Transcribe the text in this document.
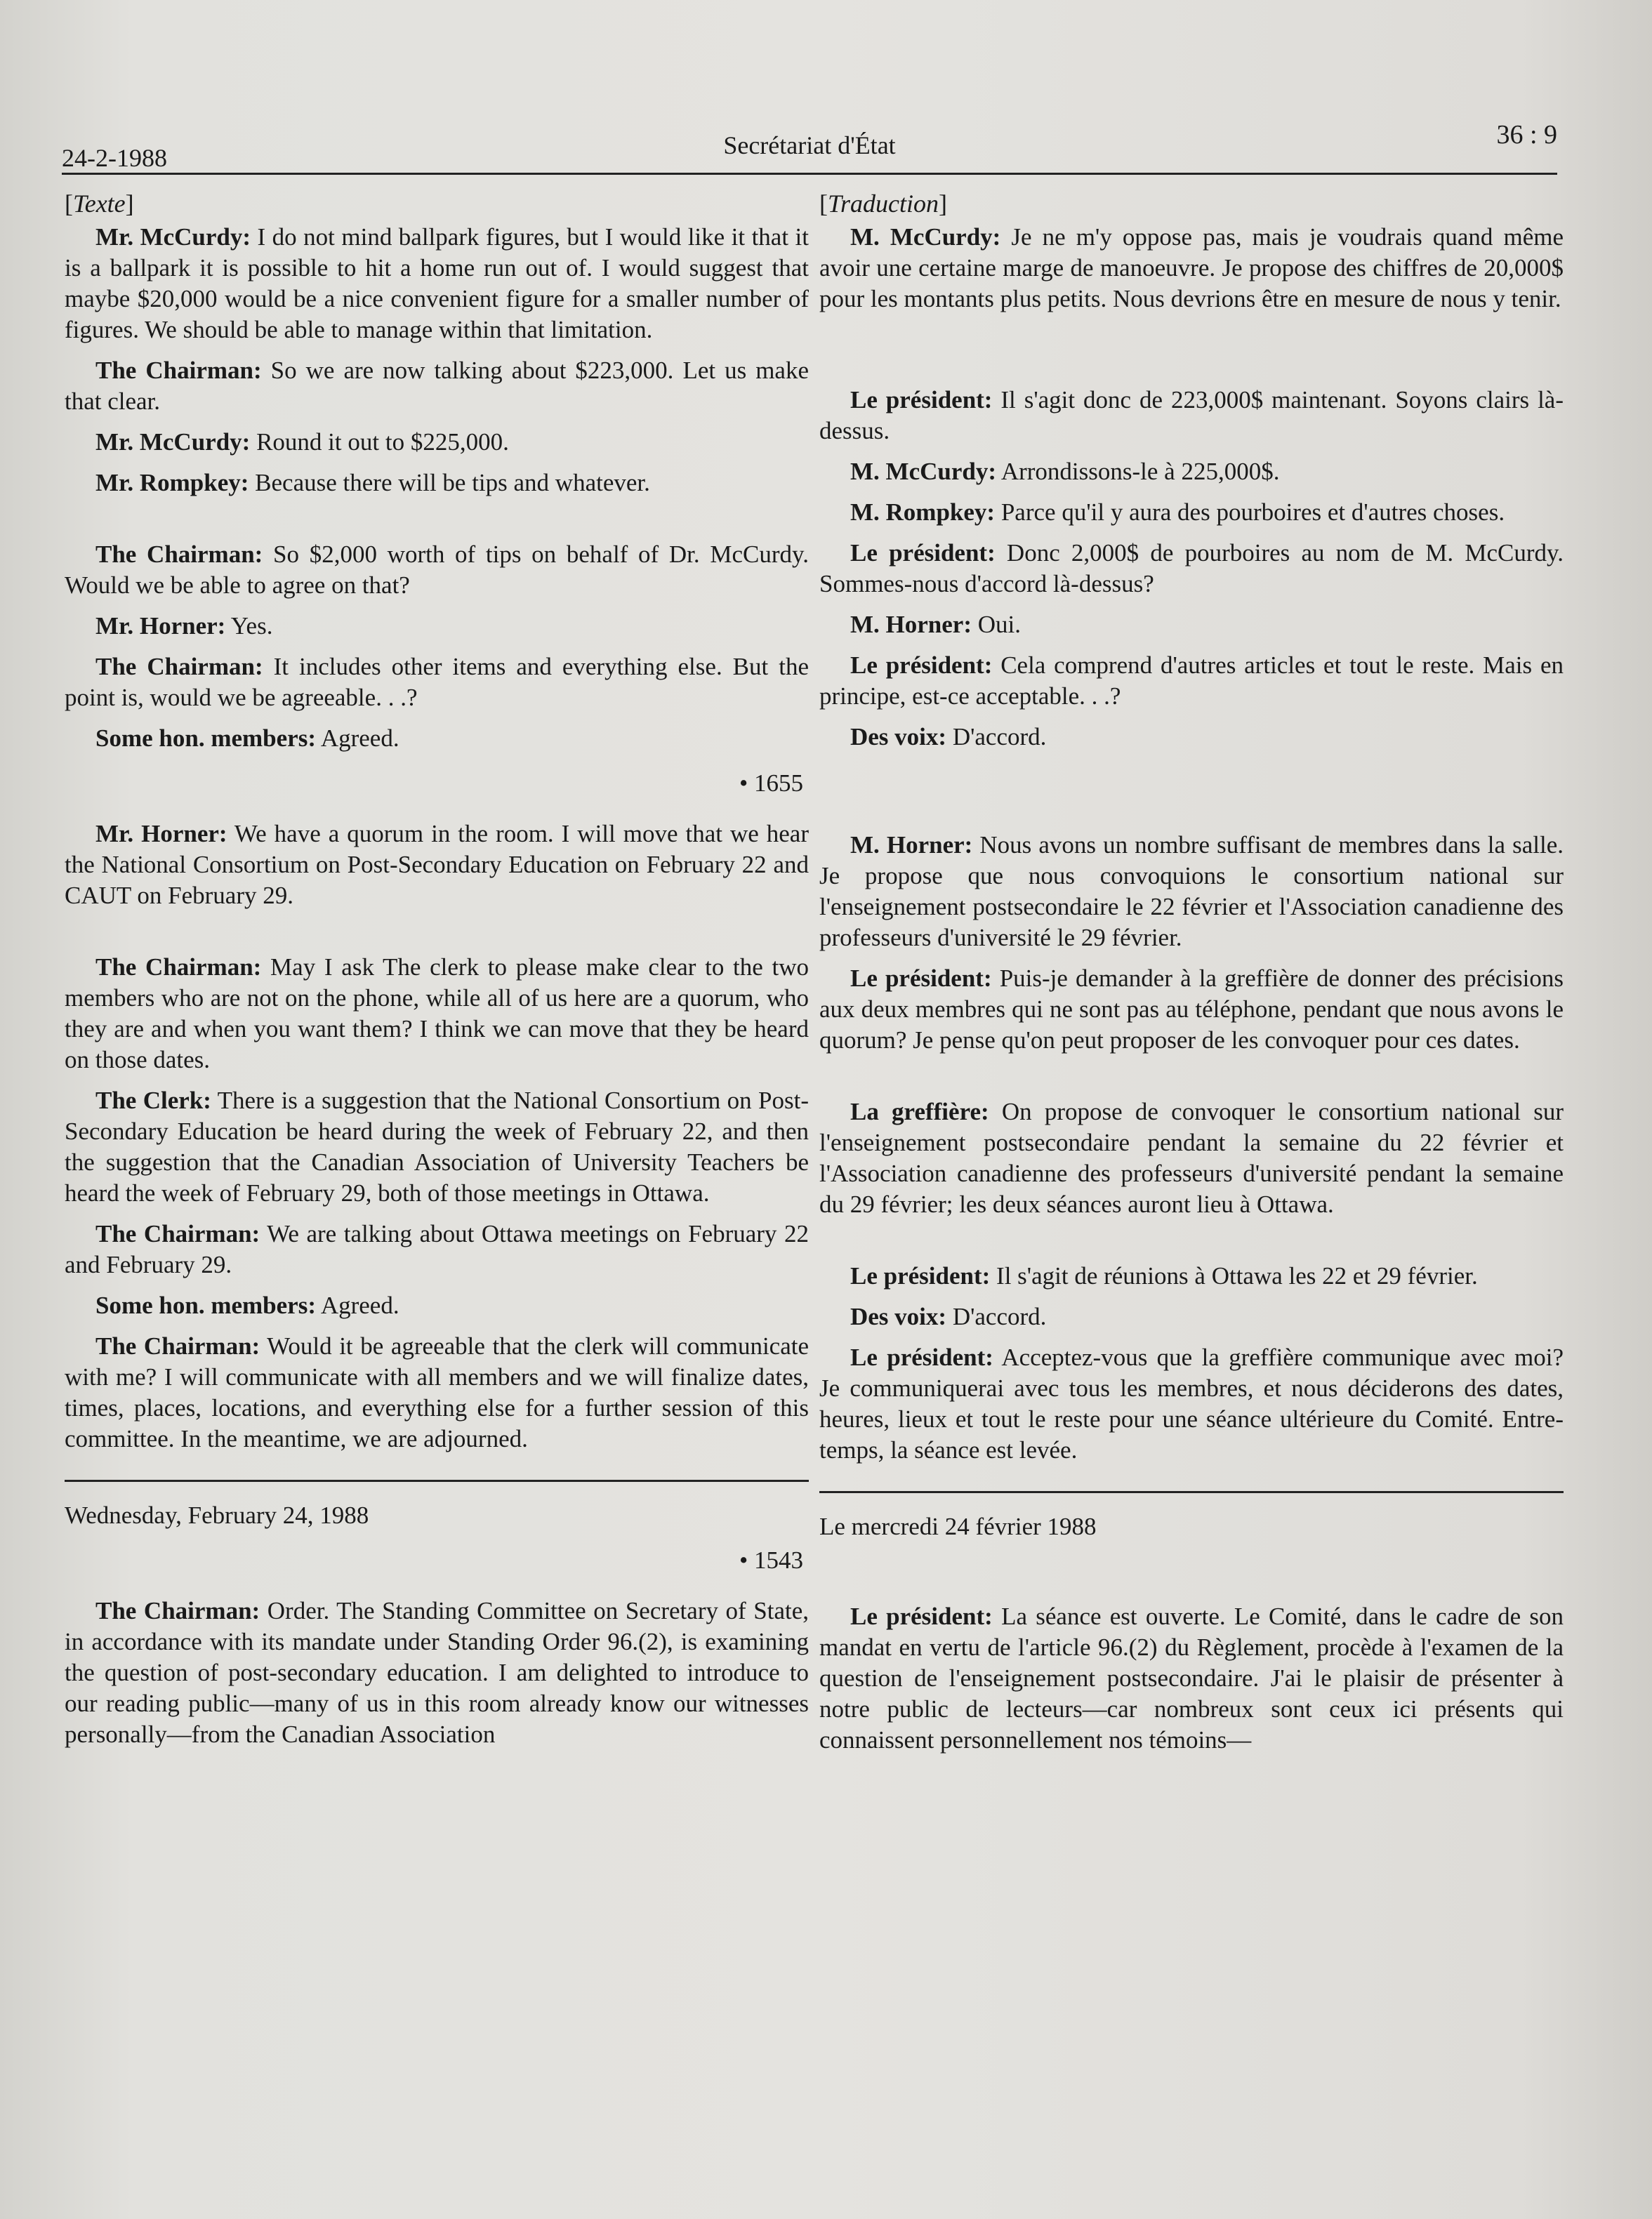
24-2-1988	Secrétariat d'État	36 : 9
[Texte]

Mr. McCurdy: I do not mind ballpark figures, but I would like it that it is a ballpark it is possible to hit a home run out of. I would suggest that maybe $20,000 would be a nice convenient figure for a smaller number of figures. We should be able to manage within that limitation.

The Chairman: So we are now talking about $223,000. Let us make that clear.

Mr. McCurdy: Round it out to $225,000.

Mr. Rompkey: Because there will be tips and whatever.

The Chairman: So $2,000 worth of tips on behalf of Dr. McCurdy. Would we be able to agree on that?

Mr. Horner: Yes.

The Chairman: It includes other items and everything else. But the point is, would we be agreeable. . .?

Some hon. members: Agreed.

• 1655

Mr. Horner: We have a quorum in the room. I will move that we hear the National Consortium on Post-Secondary Education on February 22 and CAUT on February 29.

The Chairman: May I ask The clerk to please make clear to the two members who are not on the phone, while all of us here are a quorum, who they are and when you want them? I think we can move that they be heard on those dates.

The Clerk: There is a suggestion that the National Consortium on Post-Secondary Education be heard during the week of February 22, and then the suggestion that the Canadian Association of University Teachers be heard the week of February 29, both of those meetings in Ottawa.

The Chairman: We are talking about Ottawa meetings on February 22 and February 29.

Some hon. members: Agreed.

The Chairman: Would it be agreeable that the clerk will communicate with me? I will communicate with all members and we will finalize dates, times, places, locations, and everything else for a further session of this committee. In the meantime, we are adjourned.

Wednesday, February 24, 1988

• 1543

The Chairman: Order. The Standing Committee on Secretary of State, in accordance with its mandate under Standing Order 96.(2), is examining the question of post-secondary education. I am delighted to introduce to our reading public—many of us in this room already know our witnesses personally—from the Canadian Association

[Traduction]

M. McCurdy: Je ne m'y oppose pas, mais je voudrais quand même avoir une certaine marge de manoeuvre. Je propose des chiffres de 20,000$ pour les montants plus petits. Nous devrions être en mesure de nous y tenir.

Le président: Il s'agit donc de 223,000$ maintenant. Soyons clairs là-dessus.

M. McCurdy: Arrondissons-le à 225,000$.

M. Rompkey: Parce qu'il y aura des pourboires et d'autres choses.

Le président: Donc 2,000$ de pourboires au nom de M. McCurdy. Sommes-nous d'accord là-dessus?

M. Horner: Oui.

Le président: Cela comprend d'autres articles et tout le reste. Mais en principe, est-ce acceptable. . .?

Des voix: D'accord.

M. Horner: Nous avons un nombre suffisant de membres dans la salle. Je propose que nous convoquions le consortium national sur l'enseignement postsecondaire le 22 février et l'Association canadienne des professeurs d'université le 29 février.

Le président: Puis-je demander à la greffière de donner des précisions aux deux membres qui ne sont pas au téléphone, pendant que nous avons le quorum? Je pense qu'on peut proposer de les convoquer pour ces dates.

La greffière: On propose de convoquer le consortium national sur l'enseignement postsecondaire pendant la semaine du 22 février et l'Association canadienne des professeurs d'université pendant la semaine du 29 février; les deux séances auront lieu à Ottawa.

Le président: Il s'agit de réunions à Ottawa les 22 et 29 février.

Des voix: D'accord.

Le président: Acceptez-vous que la greffière communique avec moi? Je communiquerai avec tous les membres, et nous déciderons des dates, heures, lieux et tout le reste pour une séance ultérieure du Comité. Entre-temps, la séance est levée.

Le mercredi 24 février 1988

Le président: La séance est ouverte. Le Comité, dans le cadre de son mandat en vertu de l'article 96.(2) du Règlement, procède à l'examen de la question de l'enseignement postsecondaire. J'ai le plaisir de présenter à notre public de lecteurs—car nombreux sont ceux ici présents qui connaissent personnellement nos témoins—
